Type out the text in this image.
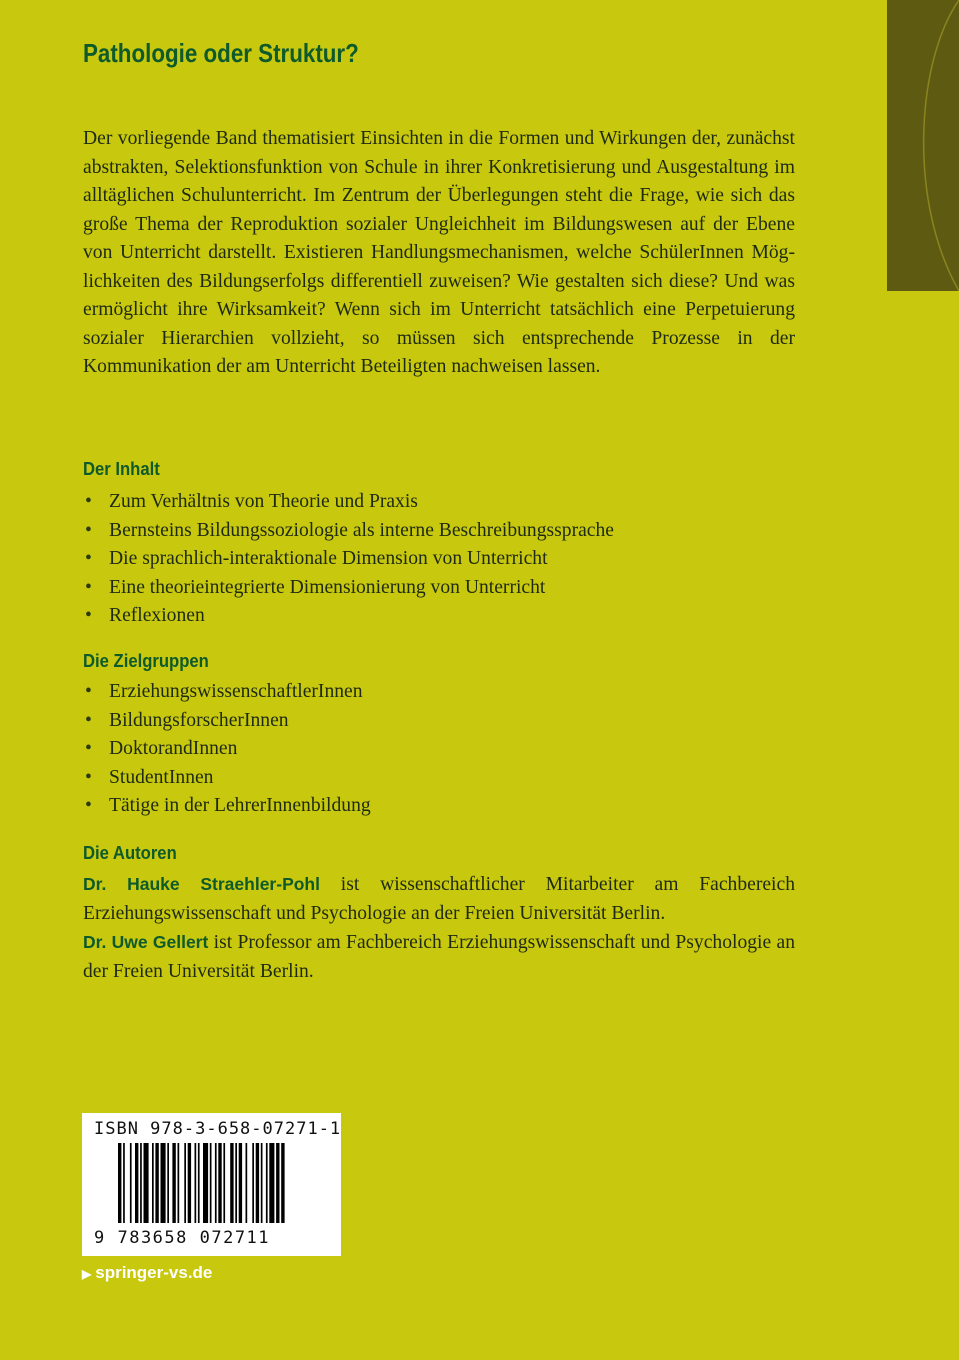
Pathologie oder Struktur?

Der vorliegende Band thematisiert Einsichten in die Formen und Wirkungen der, zunächst abstrakten, Selektionsfunktion von Schule in ihrer Konkretisierung und Ausgestaltung im alltäglichen Schulunterricht. Im Zentrum der Überlegungen steht die Frage, wie sich das große Thema der Reproduktion sozialer Ungleichheit im Bildungswesen auf der Ebene von Unterricht darstellt. Existieren Handlungsmechanismen, welche SchülerInnen Möglichkeiten des Bildungserfolgs differentiell zuweisen? Wie gestalten sich diese? Und was ermöglicht ihre Wirksamkeit? Wenn sich im Unterricht tatsächlich eine Perpetuierung sozialer Hierarchien vollzieht, so müssen sich entsprechende Prozesse in der Kommunikation der am Unterricht Beteiligten nachweisen lassen.

Der Inhalt
• Zum Verhältnis von Theorie und Praxis
• Bernsteins Bildungssoziologie als interne Beschreibungssprache
• Die sprachlich-interaktionale Dimension von Unterricht
• Eine theorieintegrierte Dimensionierung von Unterricht
• Reflexionen
Die Zielgruppen
• ErziehungswissenschaftlerInnen
• BildungsforscherInnen
• DoktorandInnen
• StudentInnen
• Tätige in der LehrerInnenbildung
Die Autoren

Dr. Hauke Straehler-Pohl ist wissenschaftlicher Mitarbeiter am Fachbereich Erziehungswissenschaft und Psychologie an der Freien Universität Berlin.
Dr. Uwe Gellert ist Professor am Fachbereich Erziehungswissenschaft und Psychologie an der Freien Universität Berlin.

ISBN 978-3-658-07271-1
9 783658 072711
▶ springer-vs.de
